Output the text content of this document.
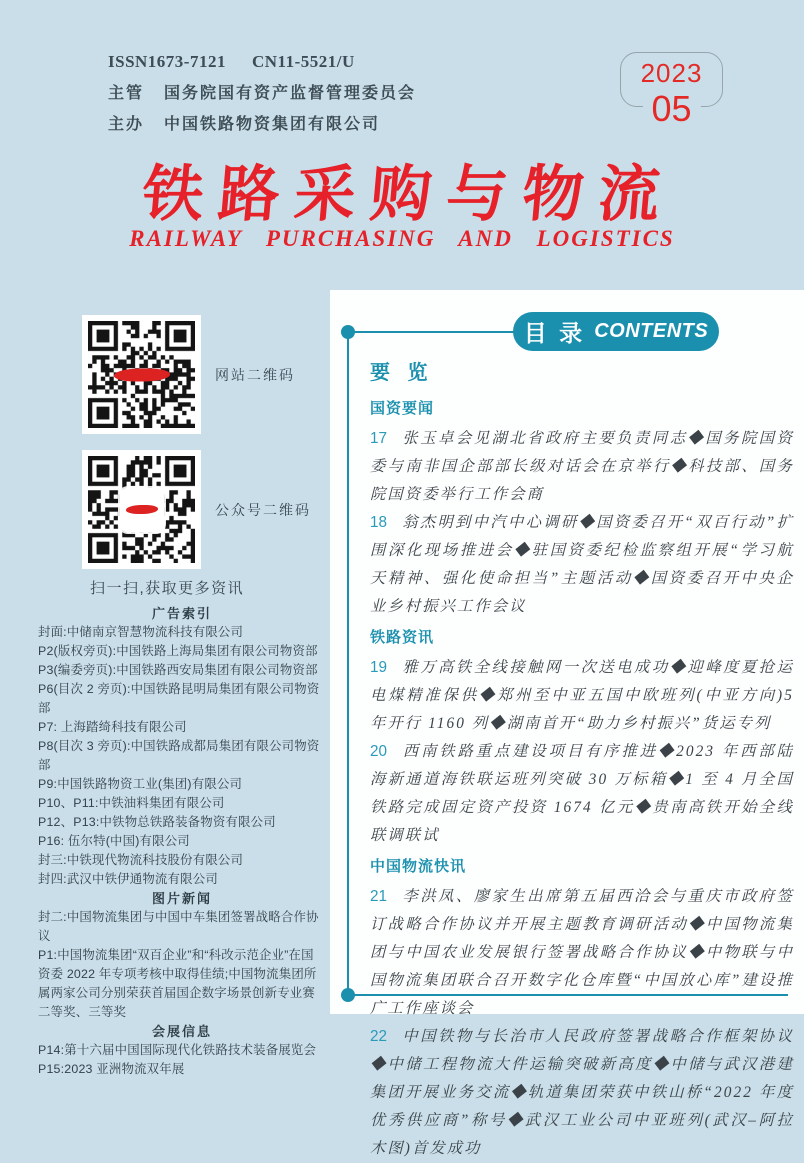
ISSN1673-7121 CN11-5521/U
主管 国务院国有资产监督管理委员会
主办 中国铁路物资集团有限公司
2023
05
铁路采购与物流
RAILWAY PURCHASING AND LOGISTICS
网站二维码
公众号二维码
扫一扫,获取更多资讯
广告索引

封面:中储南京智慧物流科技有限公司

P2(版权旁页):中国铁路上海局集团有限公司物资部

P3(编委旁页):中国铁路西安局集团有限公司物资部

P6(目次 2 旁页):中国铁路昆明局集团有限公司物资部

P7: 上海踏绮科技有限公司

P8(目次 3 旁页):中国铁路成都局集团有限公司物资部

P9:中国铁路物资工业(集团)有限公司

P10、P11:中铁油料集团有限公司

P12、P13:中铁物总铁路装备物资有限公司

P16: 伍尔特(中国)有限公司

封三:中铁现代物流科技股份有限公司

封四:武汉中铁伊通物流有限公司

图片新闻

封二:中国物流集团与中国中车集团签署战略合作协议

P1:中国物流集团“双百企业”和“科改示范企业”在国资委 2022 年专项考核中取得佳绩;中国物流集团所属两家公司分别荣获首届国企数字场景创新专业赛二等奖、三等奖

会展信息

P14:第十六届中国国际现代化铁路技术装备展览会

P15:2023 亚洲物流双年展

目 录 CONTENTS
要 览
国资要闻

17 张玉卓会见湖北省政府主要负责同志◆国务院国资委与南非国企部部长级对话会在京举行◆科技部、国务院国资委举行工作会商

18 翁杰明到中汽中心调研◆国资委召开“双百行动”扩围深化现场推进会◆驻国资委纪检监察组开展“学习航天精神、强化使命担当”主题活动◆国资委召开中央企业乡村振兴工作会议

铁路资讯

19 雅万高铁全线接触网一次送电成功◆迎峰度夏抢运电煤精准保供◆郑州至中亚五国中欧班列(中亚方向)5 年开行 1160 列◆湖南首开“助力乡村振兴”货运专列

20 西南铁路重点建设项目有序推进◆2023 年西部陆海新通道海铁联运班列突破 30 万标箱◆1 至 4 月全国铁路完成固定资产投资 1674 亿元◆贵南高铁开始全线联调联试

中国物流快讯

21 李洪凤、廖家生出席第五届西洽会与重庆市政府签订战略合作协议并开展主题教育调研活动◆中国物流集团与中国农业发展银行签署战略合作协议◆中物联与中国物流集团联合召开数字化仓库暨“中国放心库”建设推广工作座谈会

22 中国铁物与长治市人民政府签署战略合作框架协议◆中储工程物流大件运输突破新高度◆中储与武汉港建集团开展业务交流◆轨道集团荣获中铁山桥“2022 年度优秀供应商”称号◆武汉工业公司中亚班列(武汉–阿拉木图)首发成功
